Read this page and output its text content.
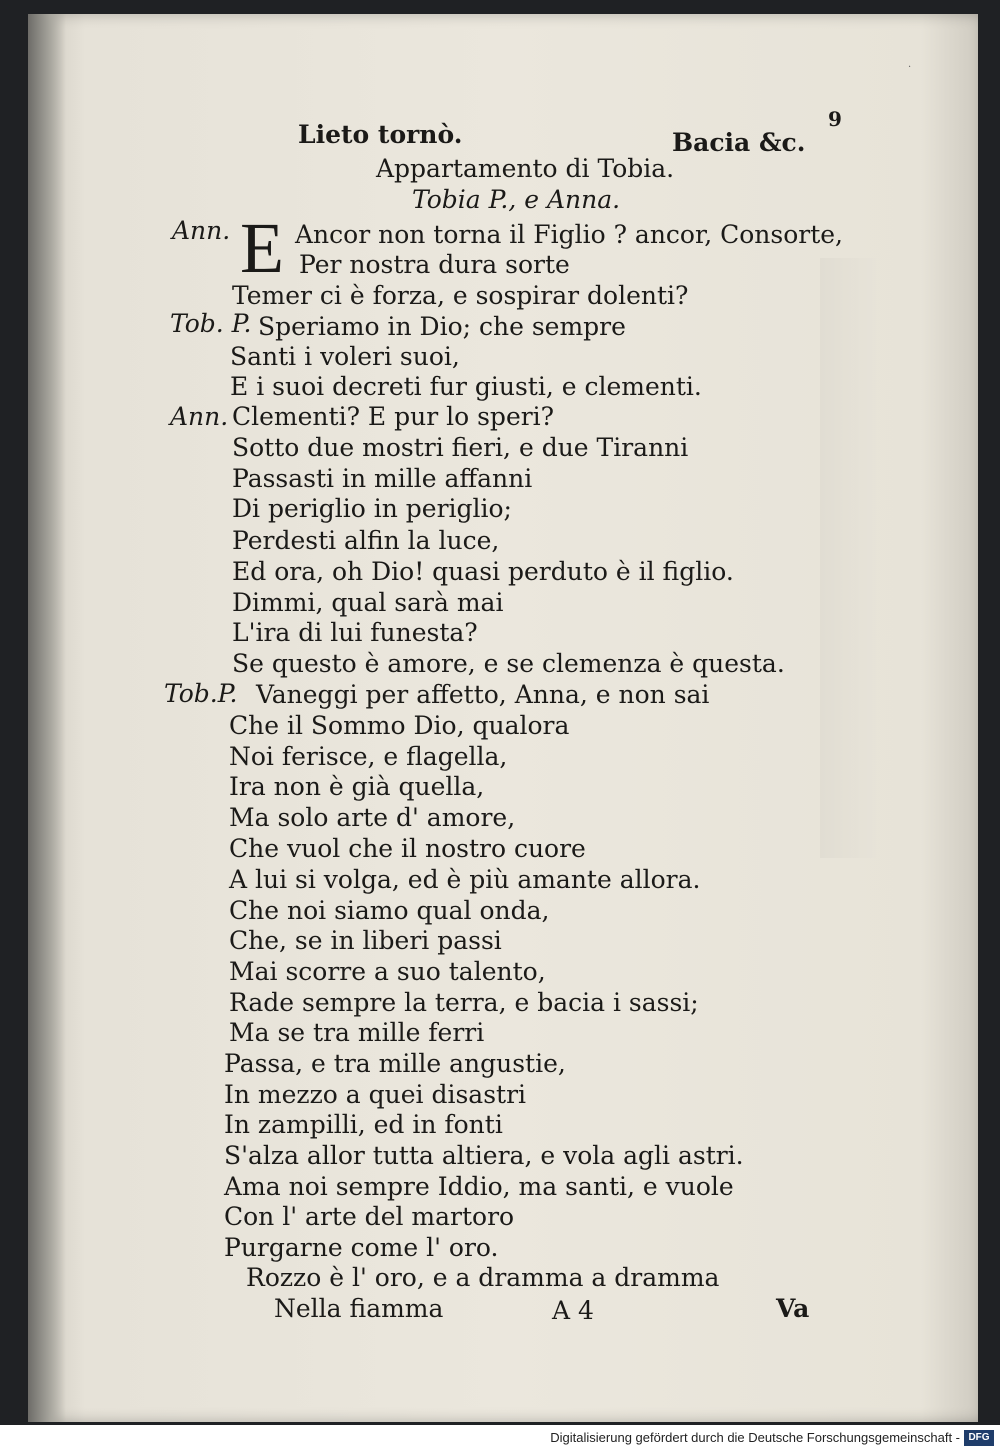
·
Lieto tornò.	Bacia &c.
9
Appartamento di Tobia.
Tobia P., e Anna.
E
Ann.	Ancor non torna il Figlio ? ancor, Consorte,
Per nostra dura sorte
Temer ci è forza, e sospirar dolenti?
Tob. P. Speriamo in Dio; che sempre
Santi i voleri suoi,
E i suoi decreti fur giusti, e clementi.
Ann. Clementi? E pur lo speri?
Sotto due mostri fieri, e due Tiranni
Passasti in mille affanni
Di periglio in periglio;
Perdesti alfin la luce,
Ed ora, oh Dio! quasi perduto è il figlio.
Dimmi, qual sarà mai
L'ira di lui funesta?
Se questo è amore, e se clemenza è questa.
Tob.P. Vaneggi per affetto, Anna, e non sai
Che il Sommo Dio, qualora
Noi ferisce, e flagella,
Ira non è già quella,
Ma solo arte d' amore,
Che vuol che il nostro cuore
A lui si volga, ed è più amante allora.
Che noi siamo qual onda,
Che, se in liberi passi
Mai scorre a suo talento,
Rade sempre la terra, e bacia i sassi;
Ma se tra mille ferri
Passa, e tra mille angustie,
In mezzo a quei disastri
In zampilli, ed in fonti
S'alza allor tutta altiera, e vola agli astri.
Ama noi sempre Iddio, ma santi, e vuole
Con l' arte del martoro
Purgarne come l' oro.
Rozzo è l' oro, e a dramma a dramma
Nella fiamma	A 4	Va
Digitalisierung gefördert durch die Deutsche Forschungsgemeinschaft - DFG
